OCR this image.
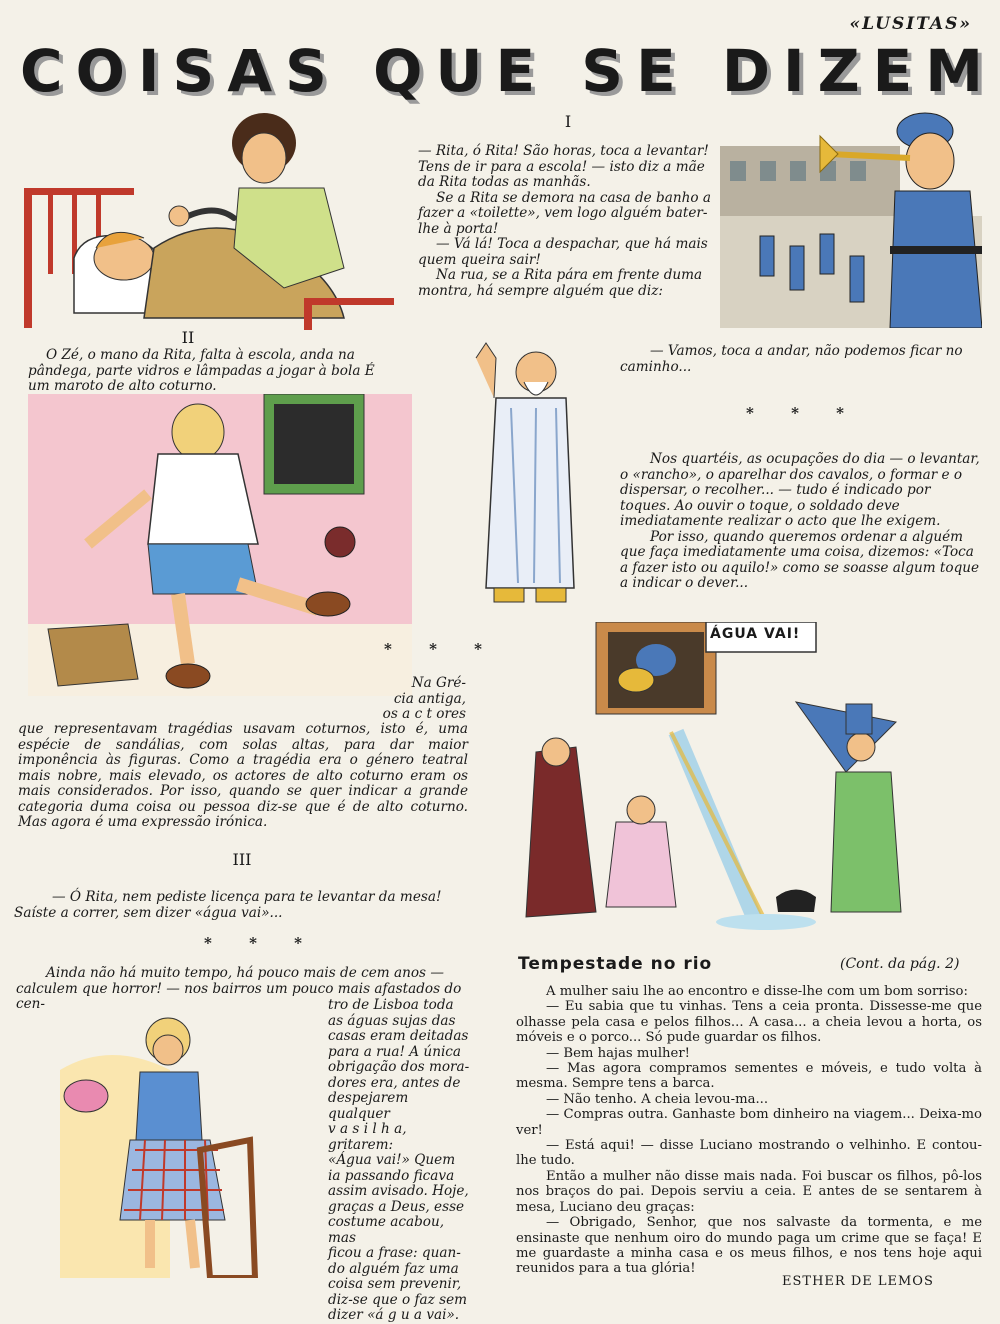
«LUSITAS»
COISAS QUE SE DIZEM
I

— Rita, ó Rita! São horas, toca a levantar! Tens de ir para a escola! — isto diz a mãe da Rita todas as manhãs.

Se a Rita se demora na casa de banho a fazer a «toilette», vem logo alguém bater-lhe à porta!

— Vá lá! Toca a despachar, que há mais quem queira sair!

Na rua, se a Rita pára em frente duma montra, há sempre alguém que diz:

II
O Zé, o mano da Rita, falta à escola, anda na pândega, parte vidros e lâmpadas a jogar à bola É um maroto de alto coturno.
— Vamos, toca a andar, não podemos ficar no caminho...
* * *

Nos quartéis, as ocupações do dia — o levantar, o «rancho», o aparelhar dos cavalos, o formar e o dispersar, o recolher... — tudo é indicado por toques. Ao ouvir o toque, o soldado deve imediatamente realizar o acto que lhe exigem.

Por isso, quando queremos ordenar a alguém que faça imediatamente uma coisa, dizemos: «Toca a fazer isto ou aquilo!» como se soasse algum toque a indicar o dever...

ÁGUA VAI!
* * *

Na Gré-

cia antiga,

os a c t ores

que representavam tragédias usavam coturnos, isto é, uma espécie de sandálias, com solas altas, para dar maior imponência às figuras. Como a tragédia era o género teatral mais nobre, mais elevado, os actores de alto coturno eram os mais considerados. Por isso, quando se quer indicar a grande categoria duma coisa ou pessoa diz-se que é de alto coturno. Mas agora é uma expressão irónica.
III
— Ó Rita, nem pediste licença para te levantar da mesa! Saíste a correr, sem dizer «água vai»...
* * *
Ainda não há muito tempo, há pouco mais de cem anos — calculem que horror! — nos bairros um pouco mais afastados do cen-	tro de Lisboa toda

as águas sujas das

casas eram deitadas

para a rua! A única

obrigação dos mora-

dores era, antes de

despejarem qualquer

v a s i l h a, gritarem:

«Água vai!» Quem

ia passando ficava

assim avisado. Hoje,

graças a Deus, esse

costume acabou, mas

ficou a frase: quan-

do alguém faz uma

coisa sem prevenir,

diz-se que o faz sem

dizer «á g u a vai».

Tempestade no rio	(Cont. da pág. 2)

A mulher saiu lhe ao encontro e disse-lhe com um bom sorriso:

— Eu sabia que tu vinhas. Tens a ceia pronta. Dissesse-me que olhasse pela casa e pelos filhos... A casa... a cheia levou a horta, os móveis e o porco... Só pude guardar os filhos.

— Bem hajas mulher!

— Mas agora compramos sementes e móveis, e tudo volta à mesma. Sempre tens a barca.

— Não tenho. A cheia levou-ma...

— Compras outra. Ganhaste bom dinheiro na viagem... Deixa-mo ver!

— Está aqui! — disse Luciano mostrando o velhinho. E contou-lhe tudo.

Então a mulher não disse mais nada. Foi buscar os filhos, pô-los nos braços do pai. Depois serviu a ceia. E antes de se sentarem à mesa, Luciano deu graças:

— Obrigado, Senhor, que nos salvaste da tormenta, e me ensinaste que nenhum oiro do mundo paga um crime que se faça! E me guardaste a minha casa e os meus filhos, e nos tens hoje aqui reunidos para a tua glória!

ESTHER DE LEMOS
